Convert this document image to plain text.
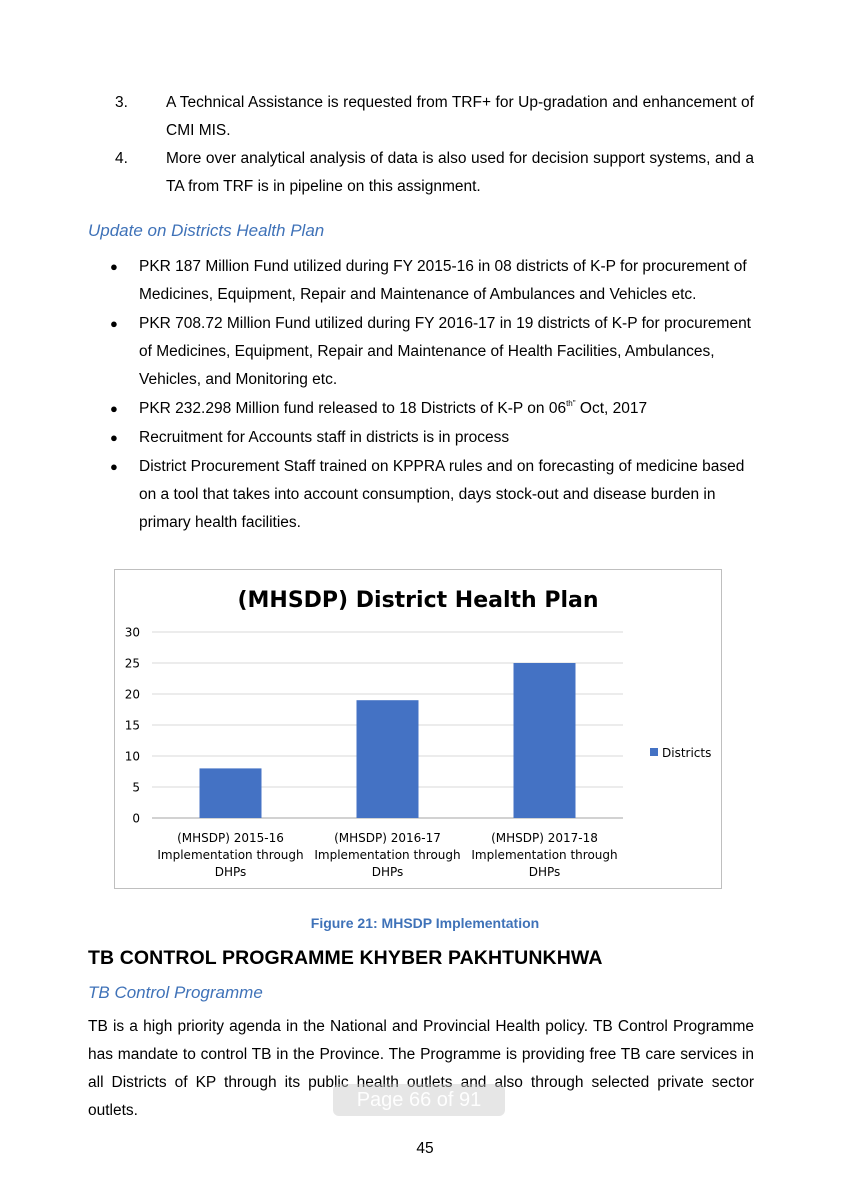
3.	A Technical Assistance is requested from TRF+ for Up-gradation and enhancement of CMI MIS.
4.	More over analytical analysis of data is also used for decision support systems, and a TA from TRF is in pipeline on this assignment.
Update on Districts Health Plan
●	PKR 187 Million Fund utilized during FY 2015-16 in 08 districts of K-P for procurement of Medicines, Equipment, Repair and Maintenance of Ambulances and Vehicles etc.
●	PKR 708.72 Million Fund utilized during FY 2016-17 in 19 districts of K-P for procurement of Medicines, Equipment, Repair and Maintenance of Health Facilities, Ambulances, Vehicles, and Monitoring etc.
●	PKR 232.298 Million fund released to 18 Districts of K-P on $06^{th"}$ Oct, 2017
●	Recruitment for Accounts staff in districts is in process
●	District Procurement Staff trained on KPPRA rules and on forecasting of medicine based on a tool that takes into account consumption, days stock-out and disease burden in primary health facilities.
(MHSDP) District Health Plan
0
5
10
15
20
25
30
(MHSDP) 2015-16
Implementation through
DHPs
(MHSDP) 2016-17
Implementation through
DHPs
(MHSDP) 2017-18
Implementation through
DHPs
Districts
Figure 21: MHSDP Implementation
TB CONTROL PROGRAMME KHYBER PAKHTUNKHWA
TB Control Programme
TB is a high priority agenda in the National and Provincial Health policy. TB Control Programme has mandate to control TB in the Province. The Programme is providing free TB care services in all Districts of KP through its public health outlets and also through selected private sector outlets.	Page 66 of 91
45
